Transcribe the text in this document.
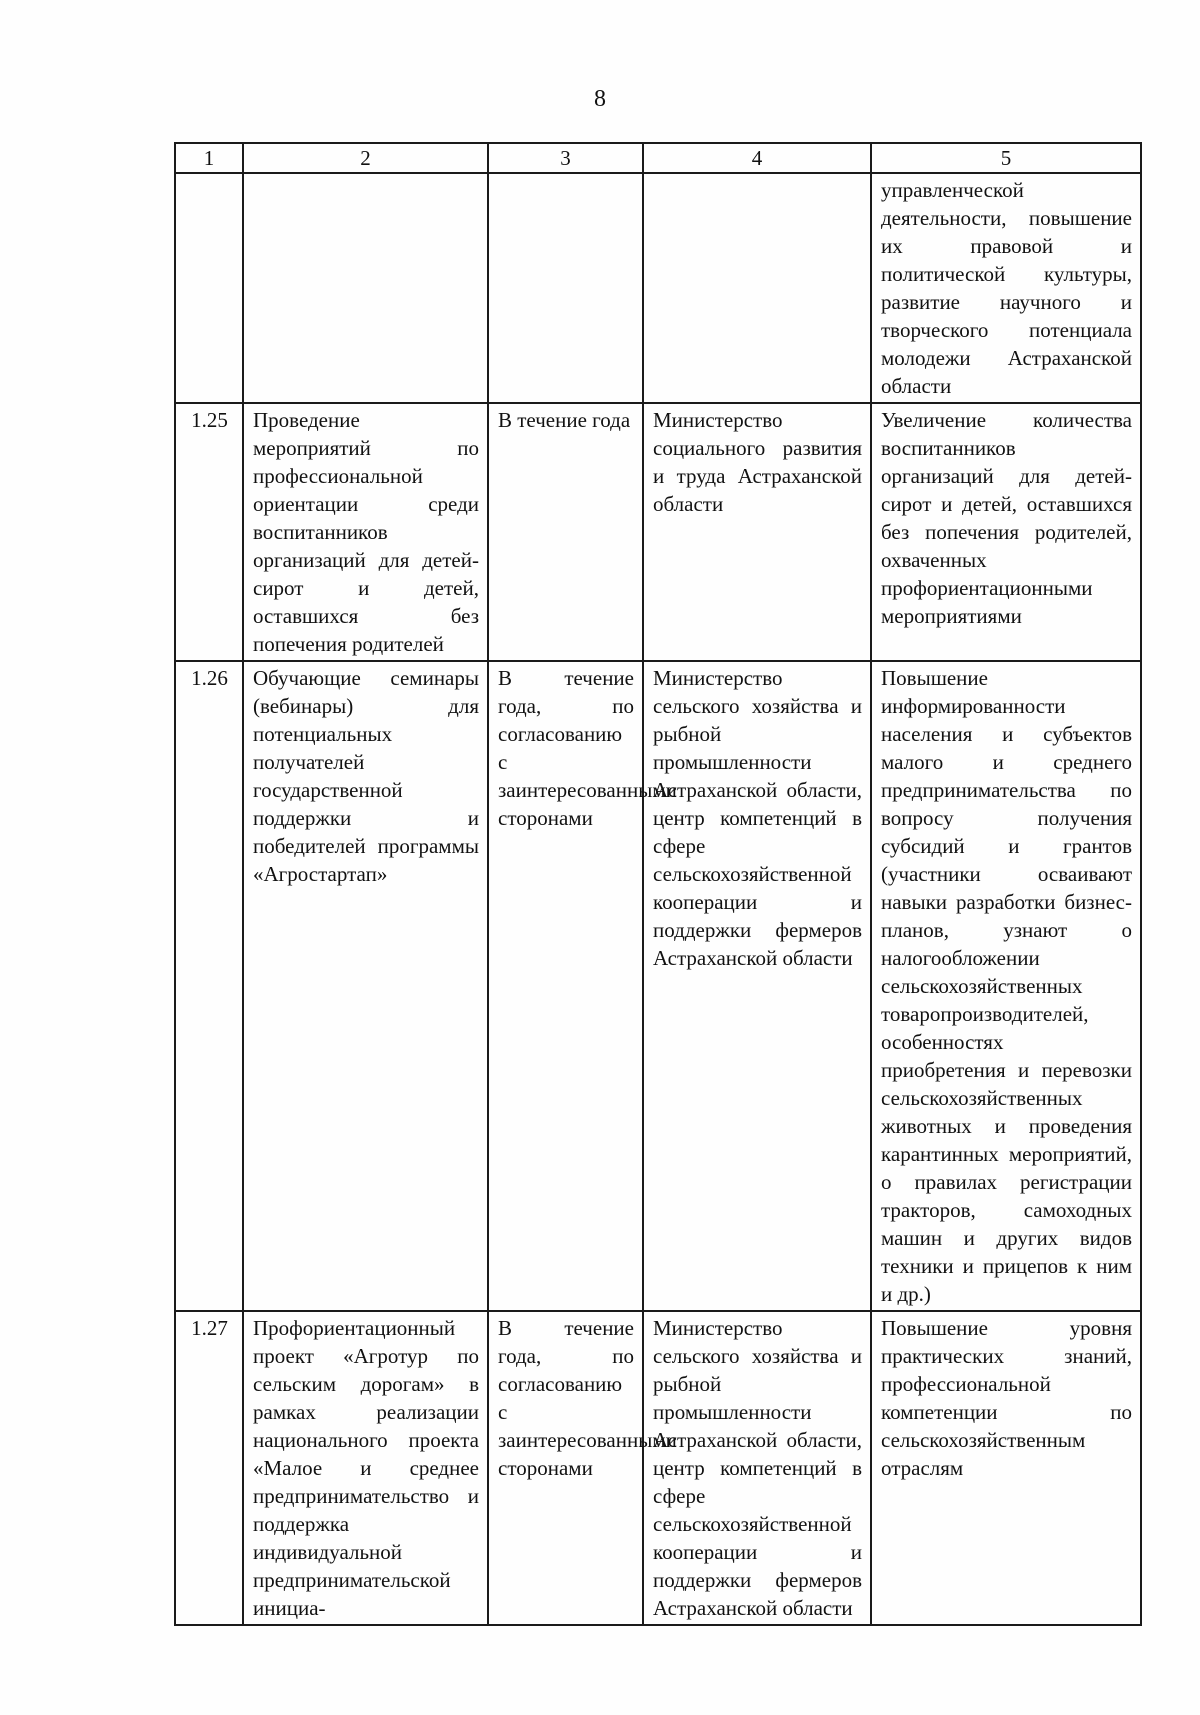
8
1	2	3	4	5
				управленческой деятельности, повышение их правовой и политической культуры, развитие научного и творческого потенциала молодежи Астраханской области
1.25	Проведение мероприятий по профессиональной ориентации среди воспитанников организаций для детей-сирот и детей, оставшихся без попечения родителей	В течение года	Министерство социального развития и труда Астраханской области	Увеличение количества воспитанников организаций для детей-сирот и детей, оставшихся без попечения родителей, охваченных профориентационными мероприятиями
1.26	Обучающие семинары (вебинары) для потенциальных получателей государственной поддержки и победителей программы «Агростартап»	В течение года, по согласованию с заинтересованными сторонами	Министерство сельского хозяйства и рыбной промышленности Астраханской области, центр компетенций в сфере сельскохозяйственной кооперации и поддержки фермеров Астраханской области	Повышение информированности населения и субъектов малого и среднего предпринимательства по вопросу получения субсидий и грантов (участники осваивают навыки разработки бизнес-планов, узнают о налогообложении сельскохозяйственных товаропроизводителей, особенностях приобретения и перевозки сельскохозяйственных животных и проведения карантинных мероприятий, о правилах регистрации тракторов, самоходных машин и других видов техники и прицепов к ним и др.)
1.27	Профориентационный проект «Агротур по сельским дорогам» в рамках реализации национального проекта «Малое и среднее предпринимательство и поддержка индивидуальной предпринимательской инициа-	В течение года, по согласованию с заинтересованными сторонами	Министерство сельского хозяйства и рыбной промышленности Астраханской области, центр компетенций в сфере сельскохозяйственной кооперации и поддержки фермеров Астраханской области	Повышение уровня практических знаний, профессиональной компетенции по сельскохозяйственным отраслям
